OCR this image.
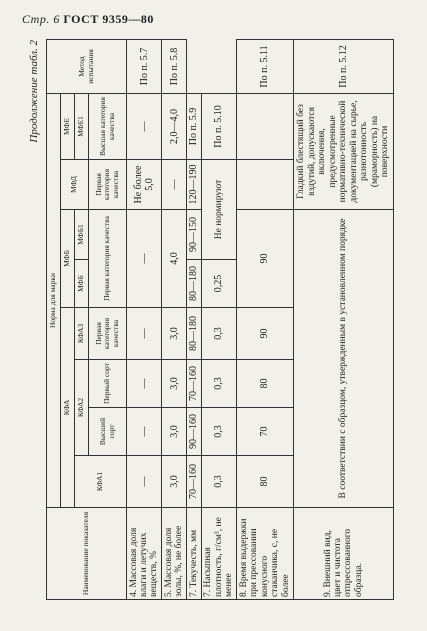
Стр. 6 ГОСТ 9359—80
Продолжение табл. 2
Наименование показателя	Норма для марки								Метод испытания
	КФА				МФБ		МФД	МФЕ	
	КФА1	КФА2		КФА3	МФБ	МФБ1		МФЕ1	
		Высший сорт	Первый сорт	Первая категория качества	Первая категория качества		Первая категория качества	Высшая категория качества	
4. Массовая доля влаги и летучих веществ, %	—	—	—	—	—		Не более 5,0	—	По п. 5.7
5. Массовая доля золы, %, не более	3,0	3,0	3,0	3,0	4,0		—	2,0—4,0	По п. 5.8
7. Текучесть, мм	70—160	90—160	70—160	80—180	80—180	90—150	120—190	По п. 5.9	
7. Насыпная плотность, г/см³, не менее	0,3	0,3	0,3	0,3	0,25	Не нормируют		По п. 5.10	
8. Время выдержки при прессовании конусного стаканчика, с, не более	80	70	80	90	90				По п. 5.11
9. Внешний вид, цвет и чистота отпрессованного образца.	В соответствии с образцом, утвержденным в установленном порядке						Гладкий блестящий без вздутий, допускаются включения, предусмотренные нормативно-технической документацией на сырье, разнотонность (мраморность) на поверхности		По п. 5.12
